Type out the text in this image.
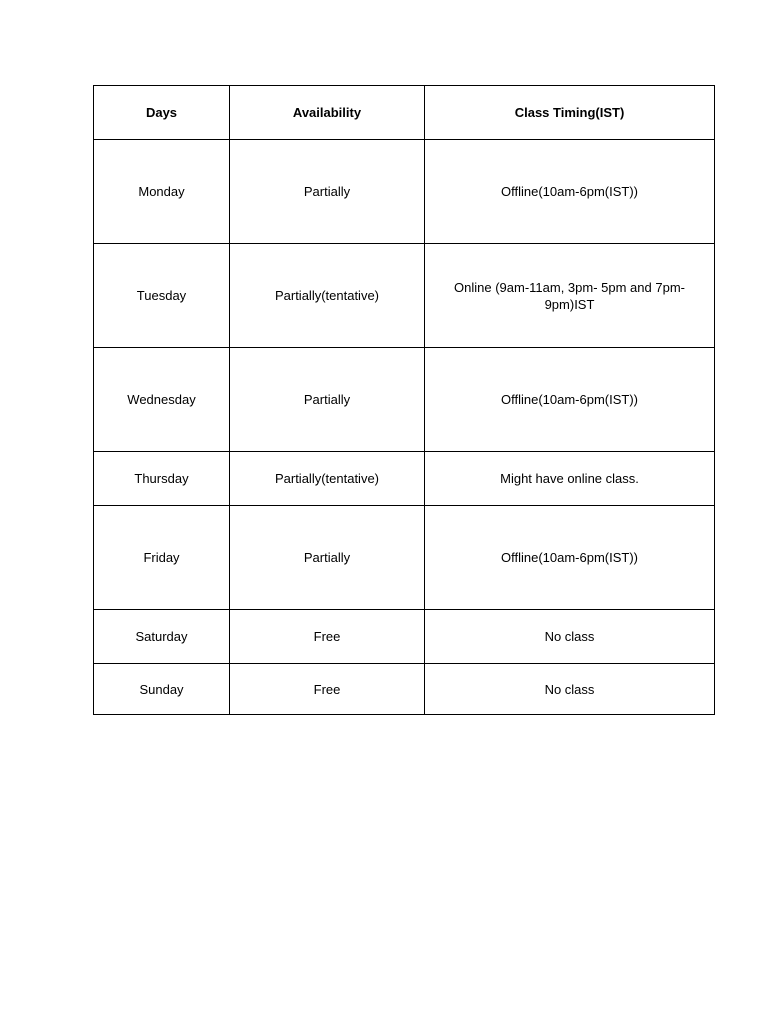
Days	Availability	Class Timing(IST)
Monday	Partially	Offline(10am-6pm(IST))
Tuesday	Partially(tentative)	Online (9am-11am, 3pm- 5pm and 7pm-9pm)IST
Wednesday	Partially	Offline(10am-6pm(IST))
Thursday	Partially(tentative)	Might have online class.
Friday	Partially	Offline(10am-6pm(IST))
Saturday	Free	No class
Sunday	Free	No class
